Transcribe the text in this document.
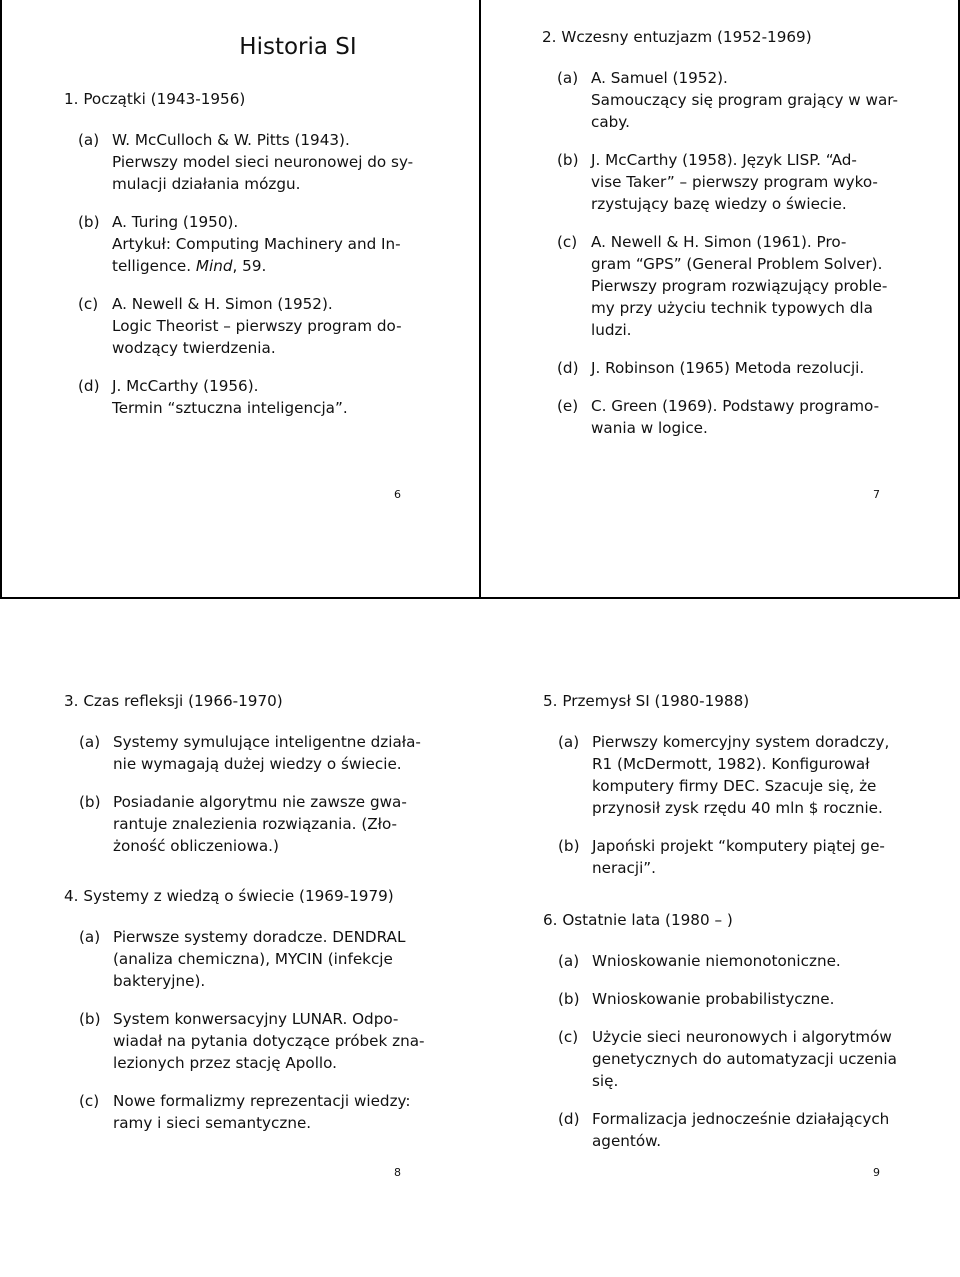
Historia SI
1. Początki (1943-1956)
(a) W. McCulloch & W. Pitts (1943).
Pierwszy model sieci neuronowej do sy-
mulacji działania mózgu.
(b) A. Turing (1950).
Artykuł: Computing Machinery and In-
telligence. Mind, 59.
(c) A. Newell & H. Simon (1952).
Logic Theorist – pierwszy program do-
wodzący twierdzenia.
(d) J. McCarthy (1956).
Termin “sztuczna inteligencja”.
6
2. Wczesny entuzjazm (1952-1969)
(a) A. Samuel (1952).
Samouczący się program grający w war-
caby.
(b) J. McCarthy (1958). Język LISP. “Ad-
vise Taker” – pierwszy program wyko-
rzystujący bazę wiedzy o świecie.
(c) A. Newell & H. Simon (1961). Pro-
gram “GPS” (General Problem Solver).
Pierwszy program rozwiązujący proble-
my przy użyciu technik typowych dla
ludzi.
(d) J. Robinson (1965) Metoda rezolucji.
(e) C. Green (1969). Podstawy programo-
wania w logice.
7
3. Czas refleksji (1966-1970)
(a) Systemy symulujące inteligentne działa-
nie wymagają dużej wiedzy o świecie.
(b) Posiadanie algorytmu nie zawsze gwa-
rantuje znalezienia rozwiązania. (Zło-
żoność obliczeniowa.)
4. Systemy z wiedzą o świecie (1969-1979)
(a) Pierwsze systemy doradcze. DENDRAL
(analiza chemiczna), MYCIN (infekcje
bakteryjne).
(b) System konwersacyjny LUNAR. Odpo-
wiadał na pytania dotyczące próbek zna-
lezionych przez stację Apollo.
(c) Nowe formalizmy reprezentacji wiedzy:
ramy i sieci semantyczne.
8
5. Przemysł SI (1980-1988)
(a) Pierwszy komercyjny system doradczy,
R1 (McDermott, 1982). Konfigurował
komputery firmy DEC. Szacuje się, że
przynosił zysk rzędu 40 mln $ rocznie.
(b) Japoński projekt “komputery piątej ge-
neracji”.
6. Ostatnie lata (1980 – )
(a) Wnioskowanie niemonotoniczne.
(b) Wnioskowanie probabilistyczne.
(c) Użycie sieci neuronowych i algorytmów
genetycznych do automatyzacji uczenia
się.
(d) Formalizacja jednocześnie działających
agentów.
9
